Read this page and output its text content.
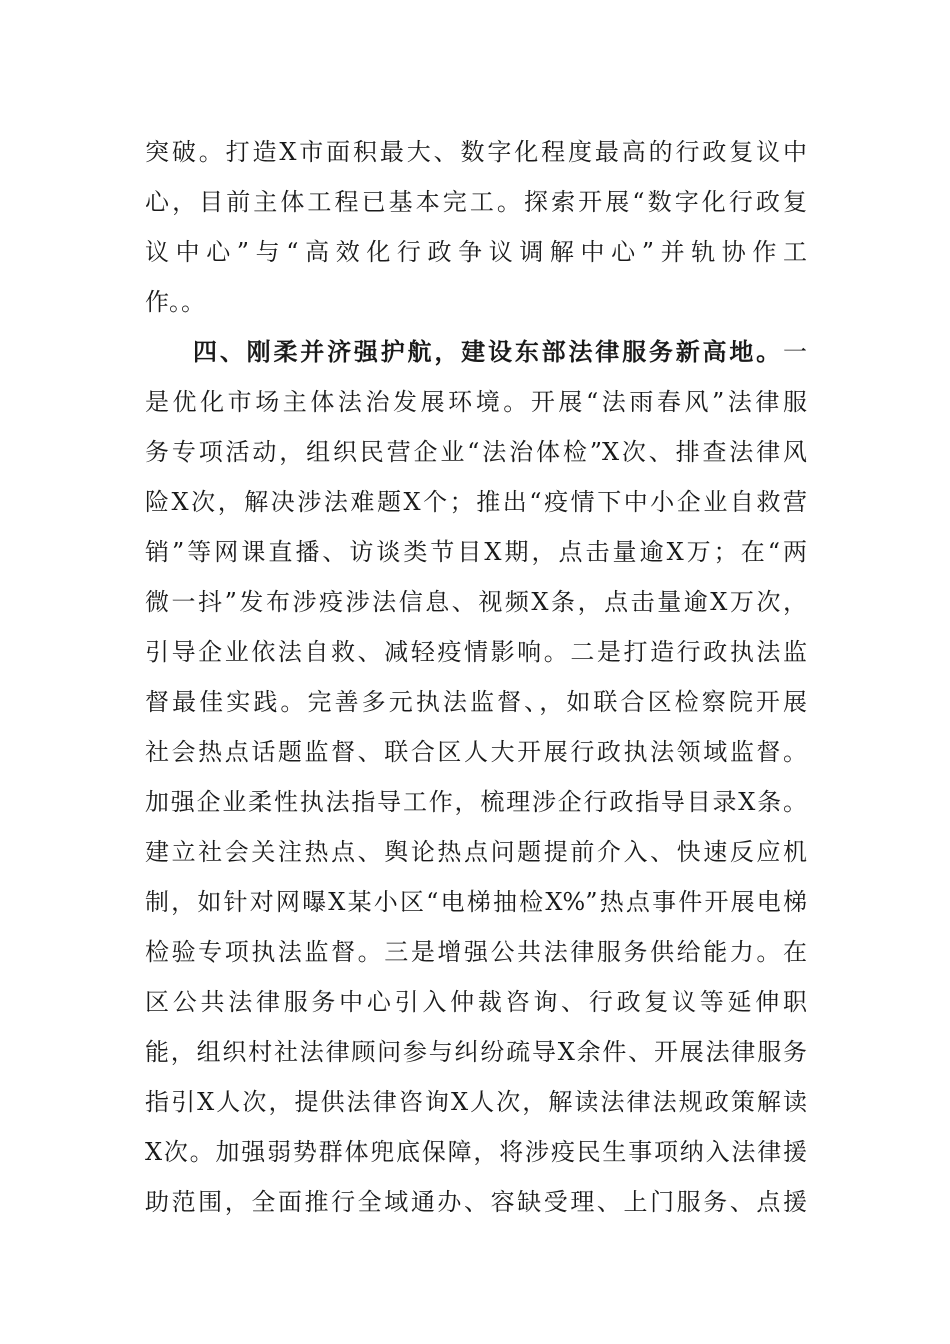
突破。打造X市面积最大、数字化程度最高的行政复议中
心，目前主体工程已基本完工。探索开展“数字化行政复
议中心”与“高效化行政争议调解中心”并轨协作工
作。。
四、刚柔并济强护航，建设东部法律服务新高地。一
是优化市场主体法治发展环境。开展“法雨春风”法律服
务专项活动，组织民营企业“法治体检”X次、排查法律风
险X次，解决涉法难题X个；推出“疫情下中小企业自救营
销”等网课直播、访谈类节目X期，点击量逾X万；在“两
微一抖”发布涉疫涉法信息、视频X条，点击量逾X万次，
引导企业依法自救、减轻疫情影响。二是打造行政执法监
督最佳实践。完善多元执法监督、，如联合区检察院开展
社会热点话题监督、联合区人大开展行政执法领域监督。
加强企业柔性执法指导工作，梳理涉企行政指导目录X条。
建立社会关注热点、舆论热点问题提前介入、快速反应机
制，如针对网曝X某小区“电梯抽检X%”热点事件开展电梯
检验专项执法监督。三是增强公共法律服务供给能力。在
区公共法律服务中心引入仲裁咨询、行政复议等延伸职
能，组织村社法律顾问参与纠纷疏导X余件、开展法律服务
指引X人次，提供法律咨询X人次，解读法律法规政策解读
X次。加强弱势群体兜底保障，将涉疫民生事项纳入法律援
助范围，全面推行全域通办、容缺受理、上门服务、点援
